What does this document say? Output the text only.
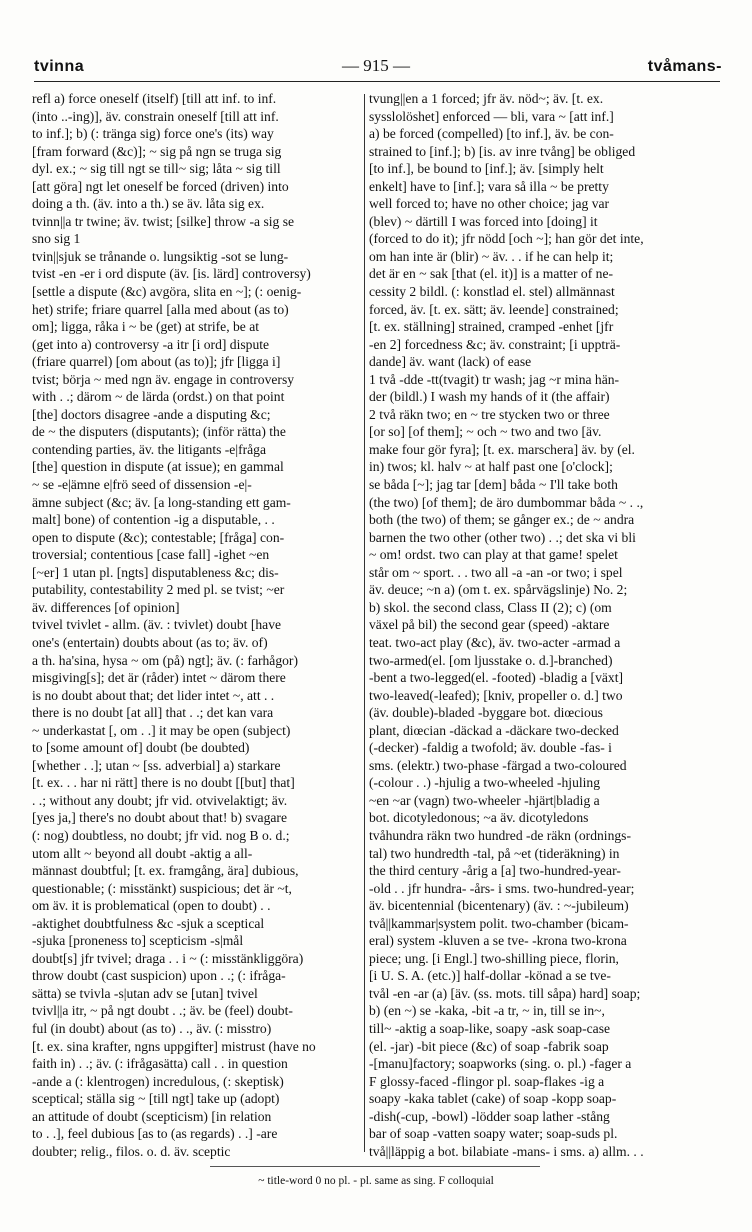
tvinna	— 915 —	tvåmans-
refl a) force oneself (itself) [till att inf. to inf.
(into ..-ing)], äv. constrain oneself [till att inf.
to inf.]; b) (: tränga sig) force one's (its) way
[fram forward (&c)]; ~ sig på ngn se truga sig
dyl. ex.; ~ sig till ngt se till~ sig; låta ~ sig till
[att göra] ngt let oneself be forced (driven) into
doing a th. (äv. into a th.) se äv. låta sig ex.
tvinn||a tr twine; äv. twist; [silke] throw -a sig se
sno sig 1
tvin||sjuk se trånande o. lungsiktig -sot se lung-
tvist -en -er i ord dispute (äv. [is. lärd] controversy)
[settle a dispute (&c) avgöra, slita en ~]; (: oenig-
het) strife; friare quarrel [alla med about (as to)
om]; ligga, råka i ~ be (get) at strife, be at
(get into a) controversy -a itr [i ord] dispute
(friare quarrel) [om about (as to)]; jfr [ligga i]
tvist; börja ~ med ngn äv. engage in controversy
with . .; därom ~ de lärda (ordst.) on that point
[the] doctors disagree -ande a disputing &c;
de ~ the disputers (disputants); (inför rätta) the
contending parties, äv. the litigants -e|fråga
[the] question in dispute (at issue); en gammal
~ se -e|ämne e|frö seed of dissension -e|-
ämne subject (&c; äv. [a long-standing ett gam-
malt] bone) of contention -ig a disputable, . .
open to dispute (&c); contestable; [fråga] con-
troversial; contentious [case fall] -ighet ~en
[~er] 1 utan pl. [ngts] disputableness &c; dis-
putability, contestability 2 med pl. se tvist; ~er
äv. differences [of opinion]
tvivel tvivlet - allm. (äv. : tvivlet) doubt [have
one's (entertain) doubts about (as to; äv. of)
a th. ha'sina, hysa ~ om (på) ngt]; äv. (: farhågor)
misgiving[s]; det är (råder) intet ~ därom there
is no doubt about that; det lider intet ~, att . .
there is no doubt [at all] that . .; det kan vara
~ underkastat [, om . .] it may be open (subject)
to [some amount of] doubt (be doubted)
[whether . .]; utan ~ [ss. adverbial] a) starkare
[t. ex. . . har ni rätt] there is no doubt [[but] that]
. .; without any doubt; jfr vid. otvivelaktigt; äv.
[yes ja,] there's no doubt about that! b) svagare
(: nog) doubtless, no doubt; jfr vid. nog B o. d.;
utom allt ~ beyond all doubt -aktig a all-
männast doubtful; [t. ex. framgång, ära] dubious,
questionable; (: misstänkt) suspicious; det är ~t,
om äv. it is problematical (open to doubt) . .
-aktighet doubtfulness &c -sjuk a sceptical
-sjuka [proneness to] scepticism -s|mål
doubt[s] jfr tvivel; draga . . i ~ (: misstänkliggöra)
throw doubt (cast suspicion) upon . .; (: ifråga-
sätta) se tvivla -s|utan adv se [utan] tvivel
tvivl||a itr, ~ på ngt doubt . .; äv. be (feel) doubt-
ful (in doubt) about (as to) . ., äv. (: misstro)
[t. ex. sina krafter, ngns uppgifter] mistrust (have no
faith in) . .; äv. (: ifrågasätta) call . . in question
-ande a (: klentrogen) incredulous, (: skeptisk)
sceptical; ställa sig ~ [till ngt] take up (adopt)
an attitude of doubt (scepticism) [in relation
to . .], feel dubious [as to (as regards) . .] -are
doubter; relig., filos. o. d. äv. sceptic
tvung||en a 1 forced; jfr äv. nöd~; äv. [t. ex.
sysslolöshet] enforced — bli, vara ~ [att inf.]
a) be forced (compelled) [to inf.], äv. be con-
strained to [inf.]; b) [is. av inre tvång] be obliged
[to inf.], be bound to [inf.]; äv. [simply helt
enkelt] have to [inf.]; vara så illa ~ be pretty
well forced to; have no other choice; jag var
(blev) ~ därtill I was forced into [doing] it
(forced to do it); jfr nödd [och ~]; han gör det inte,
om han inte är (blir) ~ äv. . . if he can help it;
det är en ~ sak [that (el. it)] is a matter of ne-
cessity 2 bildl. (: konstlad el. stel) allmännast
forced, äv. [t. ex. sätt; äv. leende] constrained;
[t. ex. ställning] strained, cramped -enhet [jfr
-en 2] forcedness &c; äv. constraint; [i uppträ-
dande] äv. want (lack) of ease
1 två -dde -tt(tvagit) tr wash; jag ~r mina hän-
der (bildl.) I wash my hands of it (the affair)
2 två räkn two; en ~ tre stycken two or three
[or so] [of them]; ~ och ~ two and two [äv.
make four gör fyra]; [t. ex. marschera] äv. by (el.
in) twos; kl. halv ~ at half past one [o'clock];
se båda [~]; jag tar [dem] båda ~ I'll take both
(the two) [of them]; de äro dumbommar båda ~ . .,
both (the two) of them; se gånger ex.; de ~ andra
barnen the two other (other two) . .; det ska vi bli
~ om! ordst. two can play at that game! spelet
står om ~ sport. . . two all -a -an -or two; i spel
äv. deuce; ~n a) (om t. ex. spårvägslinje) No. 2;
b) skol. the second class, Class II (2); c) (om
växel på bil) the second gear (speed) -aktare
teat. two-act play (&c), äv. two-acter -armad a
two-armed(el. [om ljusstake o. d.]-branched)
-bent a two-legged(el. -footed) -bladig a [växt]
two-leaved(-leafed); [kniv, propeller o. d.] two
(äv. double)-bladed -byggare bot. diœcious
plant, diœcian -däckad a -däckare two-decked
(-decker) -faldig a twofold; äv. double -fas- i
sms. (elektr.) two-phase -färgad a two-coloured
(-colour . .) -hjulig a two-wheeled -hjuling
~en ~ar (vagn) two-wheeler -hjärt|bladig a
bot. dicotyledonous; ~a äv. dicotyledons
tvåhundra räkn two hundred -de räkn (ordnings-
tal) two hundredth -tal, på ~et (tideräkning) in
the third century -årig a [a] two-hundred-year-
-old . . jfr hundra- -års- i sms. two-hundred-year;
äv. bicentennial (bicentenary) (äv. : ~-jubileum)
två||kammar|system polit. two-chamber (bicam-
eral) system -kluven a se tve- -krona two-krona
piece; ung. [i Engl.] two-shilling piece, florin,
[i U. S. A. (etc.)] half-dollar -könad a se tve-
tvål -en -ar (a) [äv. (ss. mots. till såpa) hard] soap;
b) (en ~) se -kaka, -bit -a tr, ~ in, till se in~,
till~ -aktig a soap-like, soapy -ask soap-case
(el. -jar) -bit piece (&c) of soap -fabrik soap
-[manu]factory; soapworks (sing. o. pl.) -fager a
F glossy-faced -flingor pl. soap-flakes -ig a
soapy -kaka tablet (cake) of soap -kopp soap-
-dish(-cup, -bowl) -lödder soap lather -stång
bar of soap -vatten soapy water; soap-suds pl.
två||läppig a bot. bilabiate -mans- i sms. a) allm. . .
~ title-word 0 no pl. - pl. same as sing. F colloquial
